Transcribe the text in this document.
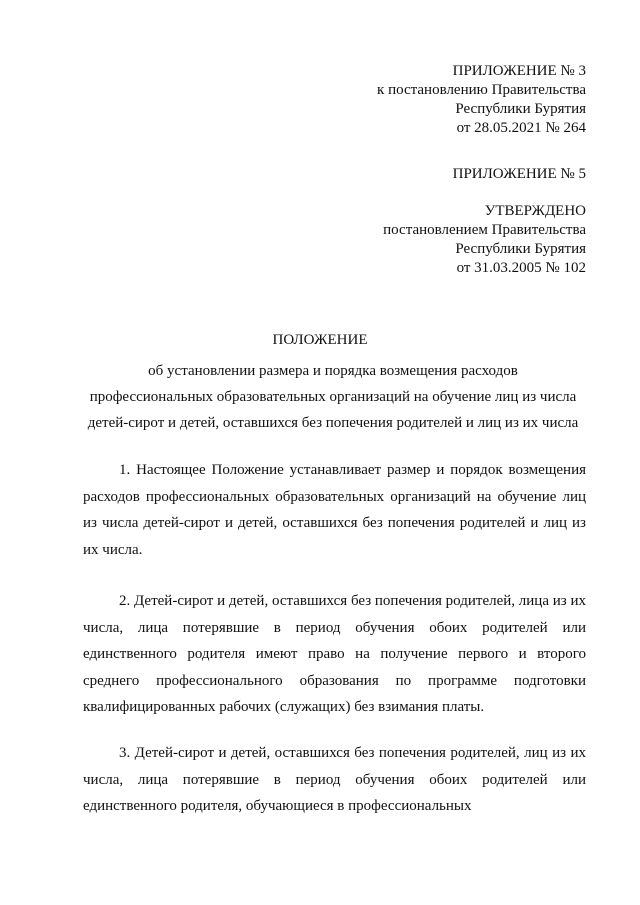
ПРИЛОЖЕНИЕ № 3
к постановлению Правительства
Республики Бурятия
от 28.05.2021 № 264
ПРИЛОЖЕНИЕ № 5
УТВЕРЖДЕНО
постановлением Правительства
Республики Бурятия
от 31.03.2005 № 102
ПОЛОЖЕНИЕ
об установлении размера и порядка возмещения расходов
профессиональных образовательных организаций на обучение лиц из числа
детей-сирот и детей, оставшихся без попечения родителей и лиц из их числа
1. Настоящее Положение устанавливает размер и порядок возмещения расходов профессиональных образовательных организаций на обучение лиц из числа детей-сирот и детей, оставшихся без попечения родителей и лиц из их числа.
2. Детей-сирот и детей, оставшихся без попечения родителей, лица из их числа, лица потерявшие в период обучения обоих родителей или единственного родителя имеют право на получение первого и второго среднего профессионального образования по программе подготовки квалифицированных рабочих (служащих) без взимания платы.
3. Детей-сирот и детей, оставшихся без попечения родителей, лиц из их числа, лица потерявшие в период обучения обоих родителей или единственного родителя, обучающиеся в профессиональных
